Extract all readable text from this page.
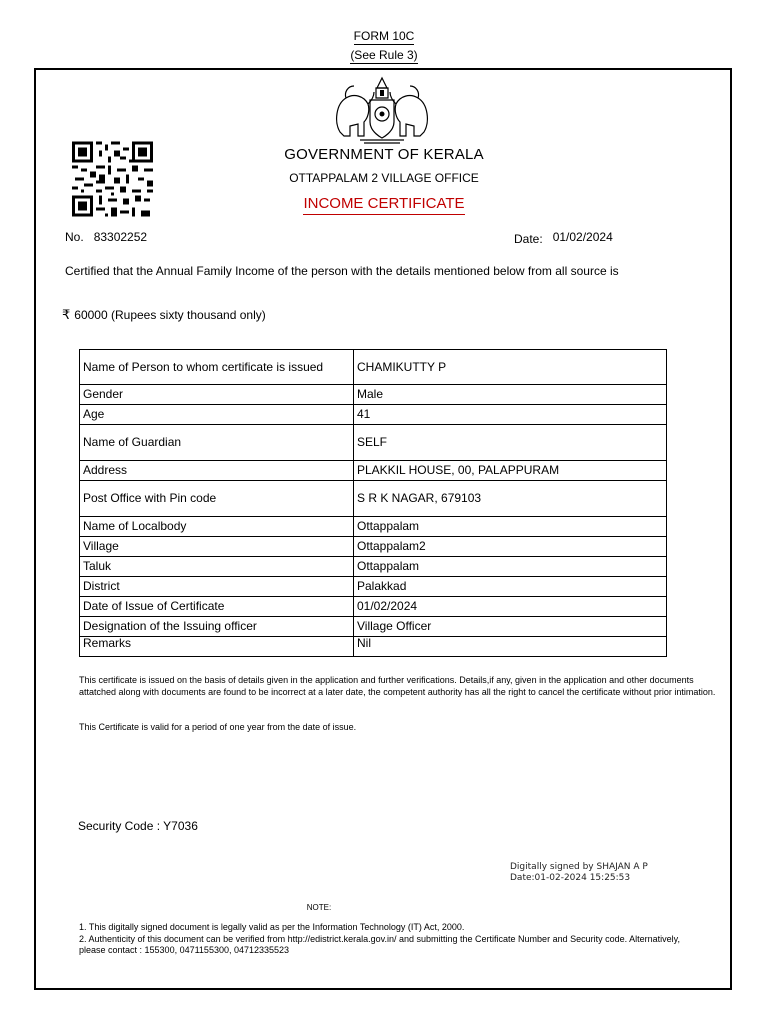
FORM 10C
(See Rule 3)
GOVERNMENT OF KERALA
OTTAPPALAM 2 VILLAGE OFFICE
INCOME CERTIFICATE
No. 83302252	Date: 01/02/2024
Certified that the Annual Family Income of the person with the details mentioned below from all source is
₹ 60000 (Rupees sixty thousand only)
Name of Person to whom certificate is issued	CHAMIKUTTY P
Gender	Male
Age	41
Name of Guardian	SELF
Address	PLAKKIL HOUSE, 00, PALAPPURAM
Post Office with Pin code	S R K NAGAR, 679103
Name of Localbody	Ottappalam
Village	Ottappalam2
Taluk	Ottappalam
District	Palakkad
Date of Issue of Certificate	01/02/2024
Designation of the Issuing officer	Village Officer
Remarks	Nil
This certificate is issued on the basis of details given in the application and further verifications. Details,if any, given in the application and other documents attatched along with documents are found to be incorrect at a later date, the competent authority has all the right to cancel the certificate without prior intimation.
This Certificate is valid for a period of one year from the date of issue.
Security Code : Y7036
Digitally signed by SHAJAN A P
Date:01-02-2024 15:25:53
NOTE:
1. This digitally signed document is legally valid as per the Information Technology (IT) Act, 2000.
2. Authenticity of this document can be verified from http://edistrict.kerala.gov.in/ and submitting the Certificate Number and Security code. Alternatively, please contact : 155300, 0471155300, 04712335523
